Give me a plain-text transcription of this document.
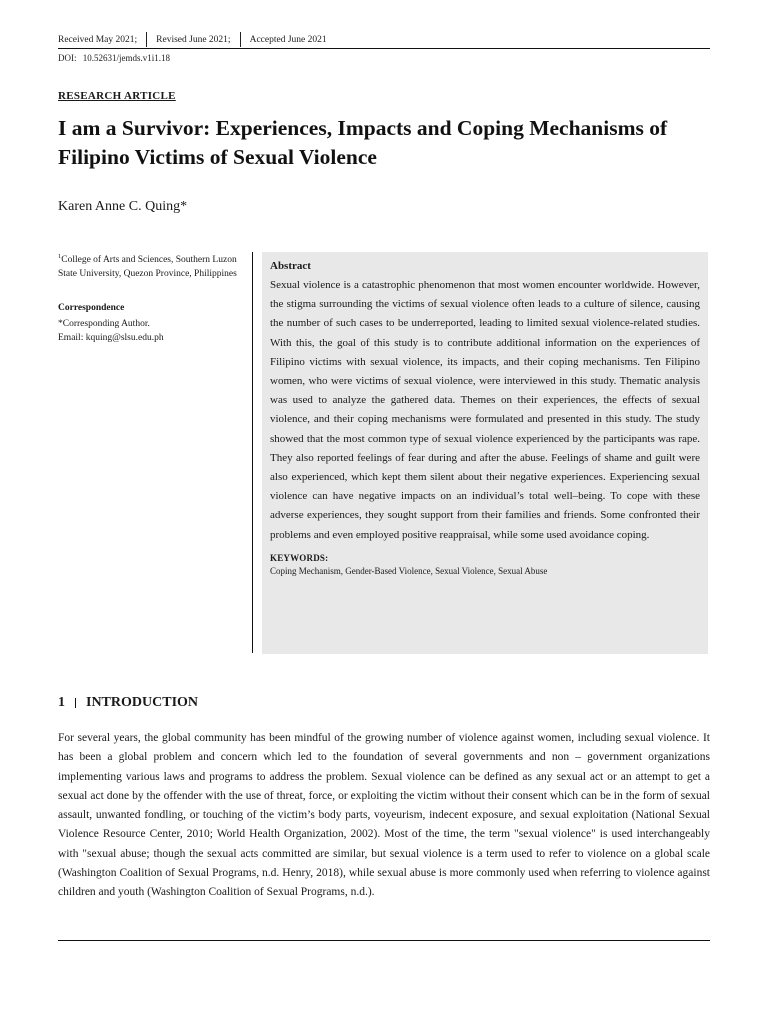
Received May 2021; Revised June 2021; Accepted June 2021
DOI: 10.52631/jemds.v1i1.18
RESEARCH ARTICLE
I am a Survivor: Experiences, Impacts and Coping Mechanisms of Filipino Victims of Sexual Violence
Karen Anne C. Quing*
$^1$College of Arts and Sciences, Southern Luzon State University, Quezon Province, Philippines
Correspondence
*Corresponding Author.
Email: kquing@slsu.edu.ph
Abstract

Sexual violence is a catastrophic phenomenon that most women encounter worldwide. However, the stigma surrounding the victims of sexual violence often leads to a culture of silence, causing the number of such cases to be underreported, leading to limited sexual violence-related studies. With this, the goal of this study is to contribute additional information on the experiences of Filipino victims with sexual violence, its impacts, and their coping mechanisms. Ten Filipino women, who were victims of sexual violence, were interviewed in this study. Thematic analysis was used to analyze the gathered data. Themes on their experiences, the effects of sexual violence, and their coping mechanisms were formulated and presented in this study. The study showed that the most common type of sexual violence experienced by the participants was rape. They also reported feelings of fear during and after the abuse. Feelings of shame and guilt were also experienced, which kept them silent about their negative experiences. Experiencing sexual violence can have negative impacts on an individual’s total well–being. To cope with these adverse experiences, they sought support from their families and friends. Some confronted their problems and even employed positive reappraisal, while some used avoidance coping.

KEYWORDS:
Coping Mechanism, Gender-Based Violence, Sexual Violence, Sexual Abuse
1 INTRODUCTION

For several years, the global community has been mindful of the growing number of violence against women, including sexual violence. It has been a global problem and concern which led to the foundation of several governments and non – government organizations implementing various laws and programs to address the problem. Sexual violence can be defined as any sexual act or an attempt to get a sexual act done by the offender with the use of threat, force, or exploiting the victim without their consent which can be in the form of sexual assault, unwanted fondling, or touching of the victim’s body parts, voyeurism, indecent exposure, and sexual exploitation (National Sexual Violence Resource Center, 2010; World Health Organization, 2002). Most of the time, the term "sexual violence" is used interchangeably with "sexual abuse; though the sexual acts committed are similar, but sexual violence is a term used to refer to violence on a global scale (Washington Coalition of Sexual Programs, n.d. Henry, 2018), while sexual abuse is more commonly used when referring to violence against children and youth (Washington Coalition of Sexual Programs, n.d.).
